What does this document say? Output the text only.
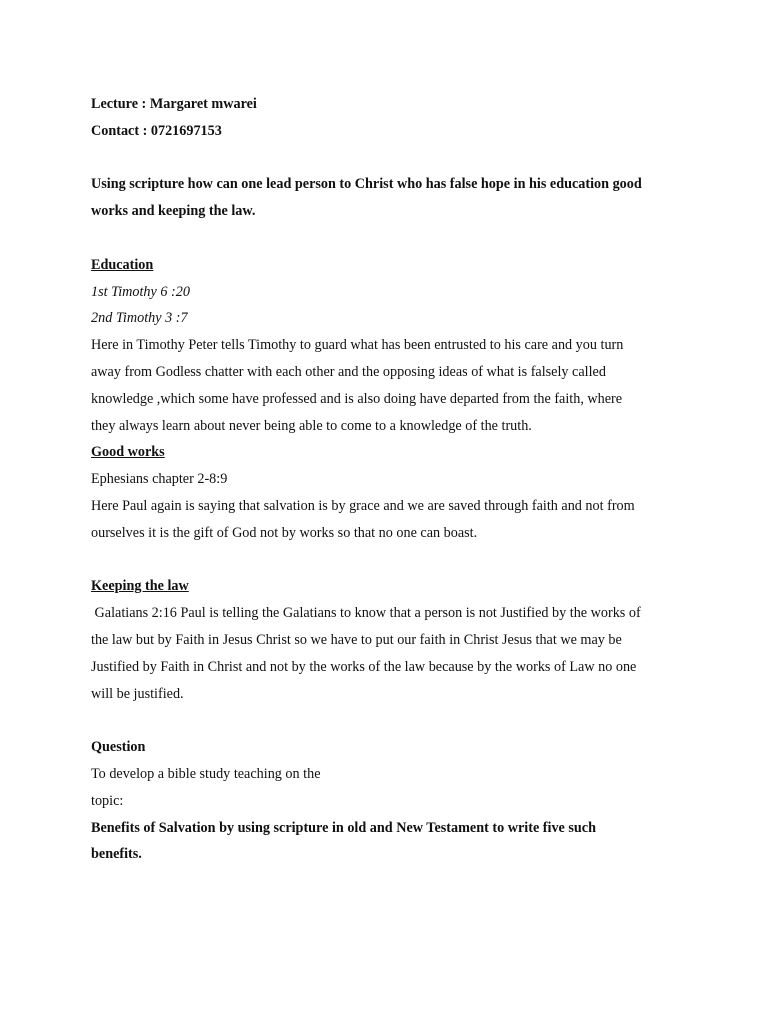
Lecture : Margaret mwarei
Contact : 0721697153
Using scripture how can one lead person to Christ who has false hope in his education good
works and keeping the law.
Education
1st Timothy 6 :20
2nd Timothy 3 :7
Here in Timothy Peter tells Timothy to guard what has been entrusted to his care and you turn
away from Godless chatter with each other and the opposing ideas of what is falsely called
knowledge ,which some have professed and is also doing have departed from the faith, where
they always learn about never being able to come to a knowledge of the truth.
Good works
Ephesians chapter 2-8:9
Here Paul again is saying that salvation is by grace and we are saved through faith and not from
ourselves it is the gift of God not by works so that no one can boast.
Keeping the law
Galatians 2:16 Paul is telling the Galatians to know that a person is not Justified by the works of
the law but by Faith in Jesus Christ so we have to put our faith in Christ Jesus that we may be
Justified by Faith in Christ and not by the works of the law because by the works of Law no one
will be justified.
Question
To develop a bible study teaching on the
topic:
Benefits of Salvation by using scripture in old and New Testament to write five such
benefits.
